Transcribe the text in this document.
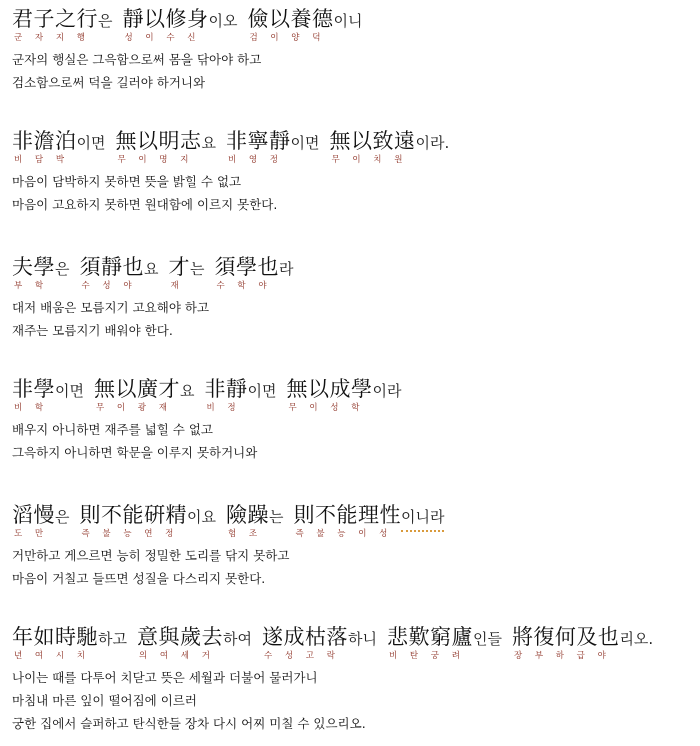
君子之行은
군 자 지 행
靜以修身이오
성 이 수 신
儉以養德이니
검 이 양 덕
군자의 행실은 그윽함으로써 몸을 닦아야 하고
검소함으로써 덕을 길러야 하거니와
非澹泊이면
비 담 박
無以明志요
무 이 명 지
非寧靜이면
비 영 정
無以致遠이라.
무 이 치 원
마음이 담박하지 못하면 뜻을 밝힐 수 없고
마음이 고요하지 못하면 원대함에 이르지 못한다.
夫學은
부 학
須靜也요
수 성 야
才는
재
須學也라
수 학 야
대저 배움은 모름지기 고요해야 하고
재주는 모름지기 배워야 한다.
非學이면
비 학
無以廣才요
무 이 광 재
非靜이면
비 정
無以成學이라
무 이 성 학
배우지 아니하면 재주를 넓힐 수 없고
그윽하지 아니하면 학문을 이루지 못하거니와
滔慢은
도 만
則不能硏精이요
즉 불 능 연 정
險躁는
험 조
則不能理性이니라
즉 불 능 이 성
거만하고 게으르면 능히 정밀한 도리를 닦지 못하고
마음이 거칠고 들뜨면 성질을 다스리지 못한다.
年如時馳하고
년 여 시 치
意與歲去하여
의 여 세 거
遂成枯落하니
수 성 고 락
悲歎窮廬인들
비 탄 궁 려
將復何及也리오.
장 부 하 급 야
나이는 때를 다투어 치닫고 뜻은 세월과 더불어 물러가니
마침내 마른 잎이 떨어짐에 이르러
궁한 집에서 슬퍼하고 탄식한들 장차 다시 어찌 미칠 수 있으리오.
